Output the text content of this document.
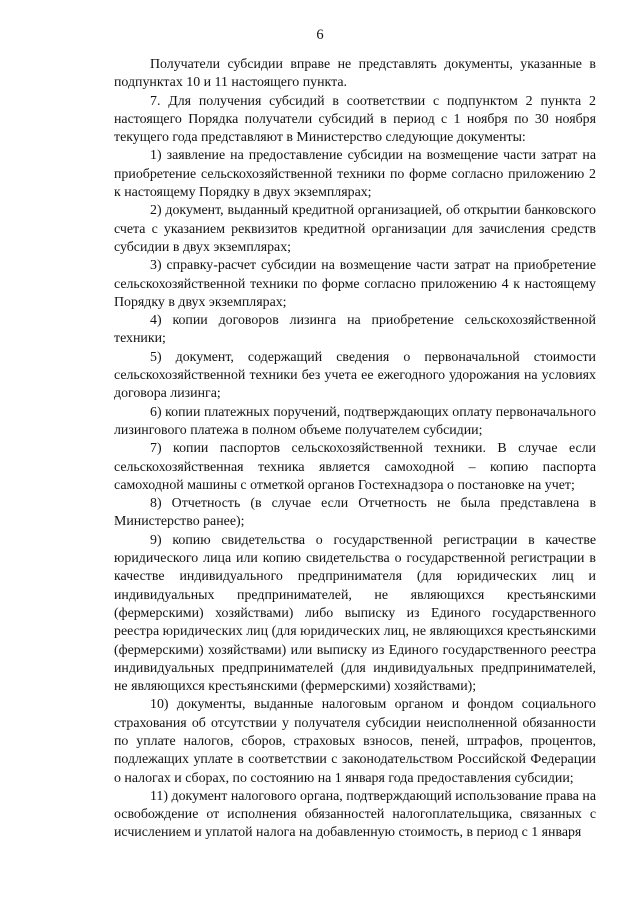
6

Получатели субсидии вправе не представлять документы, указанные в подпунктах 10 и 11 настоящего пункта.

7. Для получения субсидий в соответствии с подпунктом 2 пункта 2 настоящего Порядка получатели субсидий в период с 1 ноября по 30 ноября текущего года представляют в Министерство следующие документы:

1) заявление на предоставление субсидии на возмещение части затрат на приобретение сельскохозяйственной техники по форме согласно приложению 2 к настоящему Порядку в двух экземплярах;

2) документ, выданный кредитной организацией, об открытии банковского счета с указанием реквизитов кредитной организации для зачисления средств субсидии в двух экземплярах;

3) справку-расчет субсидии на возмещение части затрат на приобретение сельскохозяйственной техники по форме согласно приложению 4 к настоящему Порядку в двух экземплярах;

4) копии договоров лизинга на приобретение сельскохозяйственной техники;

5) документ, содержащий сведения о первоначальной стоимости сельскохозяйственной техники без учета ее ежегодного удорожания на условиях договора лизинга;

6) копии платежных поручений, подтверждающих оплату первоначального лизингового платежа в полном объеме получателем субсидии;

7) копии паспортов сельскохозяйственной техники. В случае если сельскохозяйственная техника является самоходной – копию паспорта самоходной машины с отметкой органов Гостехнадзора о постановке на учет;

8) Отчетность (в случае если Отчетность не была представлена в Министерство ранее);

9) копию свидетельства о государственной регистрации в качестве юридического лица или копию свидетельства о государственной регистрации в качестве индивидуального предпринимателя (для юридических лиц и индивидуальных предпринимателей, не являющихся крестьянскими (фермерскими) хозяйствами) либо выписку из Единого государственного реестра юридических лиц (для юридических лиц, не являющихся крестьянскими (фермерскими) хозяйствами) или выписку из Единого государственного реестра индивидуальных предпринимателей (для индивидуальных предпринимателей, не являющихся крестьянскими (фермерскими) хозяйствами);

10) документы, выданные налоговым органом и фондом социального страхования об отсутствии у получателя субсидии неисполненной обязанности по уплате налогов, сборов, страховых взносов, пеней, штрафов, процентов, подлежащих уплате в соответствии с законодательством Российской Федерации о налогах и сборах, по состоянию на 1 января года предоставления субсидии;

11) документ налогового органа, подтверждающий использование права на освобождение от исполнения обязанностей налогоплательщика, связанных с исчислением и уплатой налога на добавленную стоимость, в период с 1 января
